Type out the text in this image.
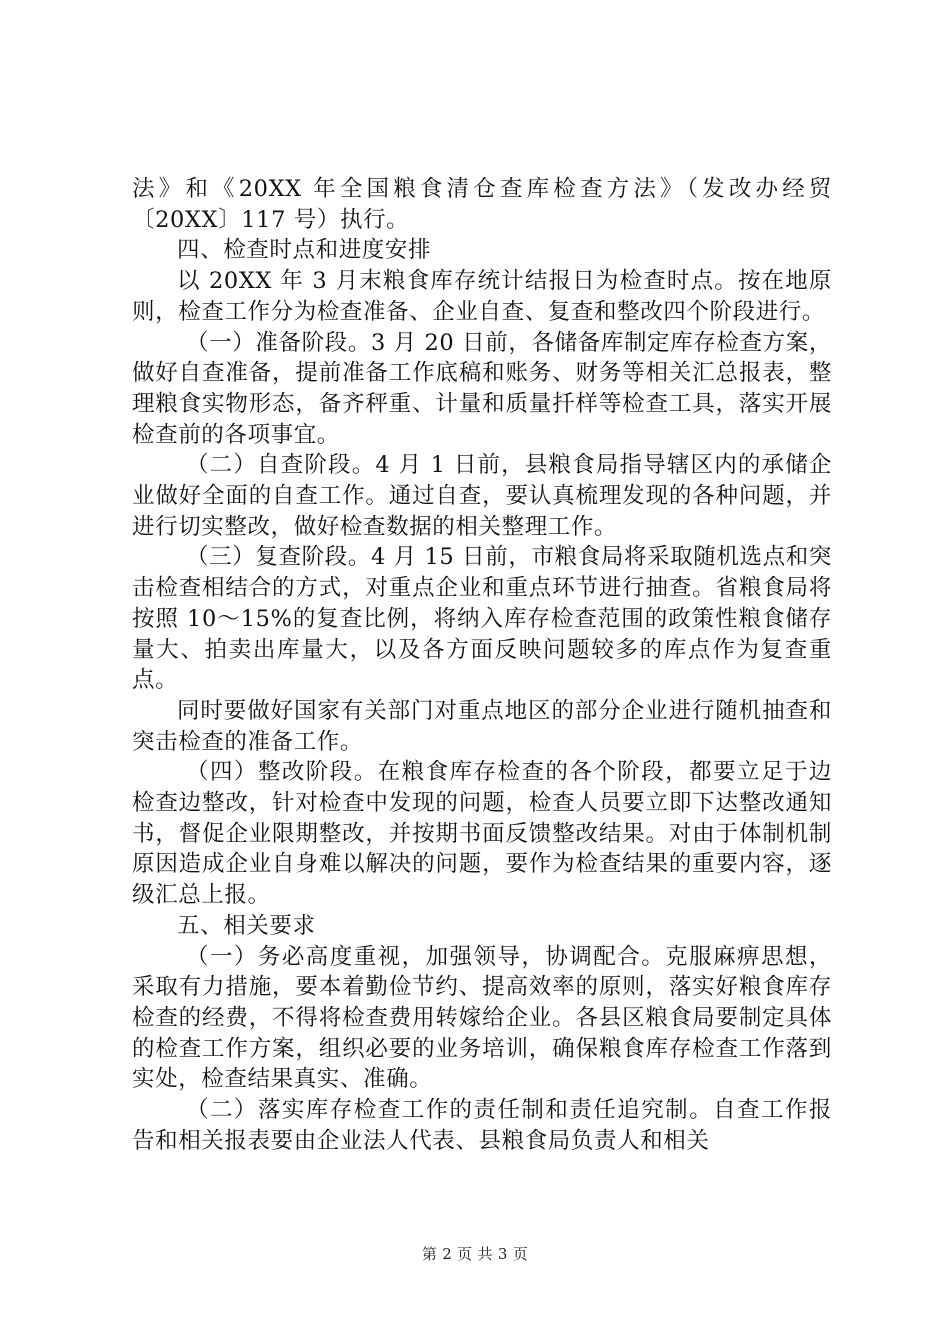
法》和《20XX 年全国粮食清仓查库检查方法》（发改办经贸〔20XX〕117 号）执行。

四、检查时点和进度安排

以 20XX 年 3 月末粮食库存统计结报日为检查时点。按在地原则，检查工作分为检查准备、企业自查、复查和整改四个阶段进行。

（一）准备阶段。3 月 20 日前，各储备库制定库存检查方案，做好自查准备，提前准备工作底稿和账务、财务等相关汇总报表，整理粮食实物形态，备齐秤重、计量和质量扦样等检查工具，落实开展检查前的各项事宜。

（二）自查阶段。4 月 1 日前，县粮食局指导辖区内的承储企业做好全面的自查工作。通过自查，要认真梳理发现的各种问题，并进行切实整改，做好检查数据的相关整理工作。

（三）复查阶段。4 月 15 日前，市粮食局将采取随机选点和突击检查相结合的方式，对重点企业和重点环节进行抽查。省粮食局将按照 10～15%的复查比例，将纳入库存检查范围的政策性粮食储存量大、拍卖出库量大，以及各方面反映问题较多的库点作为复查重点。

同时要做好国家有关部门对重点地区的部分企业进行随机抽查和突击检查的准备工作。

（四）整改阶段。在粮食库存检查的各个阶段，都要立足于边检查边整改，针对检查中发现的问题，检查人员要立即下达整改通知书，督促企业限期整改，并按期书面反馈整改结果。对由于体制机制原因造成企业自身难以解决的问题，要作为检查结果的重要内容，逐级汇总上报。

五、相关要求

（一）务必高度重视，加强领导，协调配合。克服麻痹思想，采取有力措施，要本着勤俭节约、提高效率的原则，落实好粮食库存检查的经费，不得将检查费用转嫁给企业。各县区粮食局要制定具体的检查工作方案，组织必要的业务培训，确保粮食库存检查工作落到实处，检查结果真实、准确。

（二）落实库存检查工作的责任制和责任追究制。自查工作报告和相关报表要由企业法人代表、县粮食局负责人和相关

第 2 页 共 3 页
